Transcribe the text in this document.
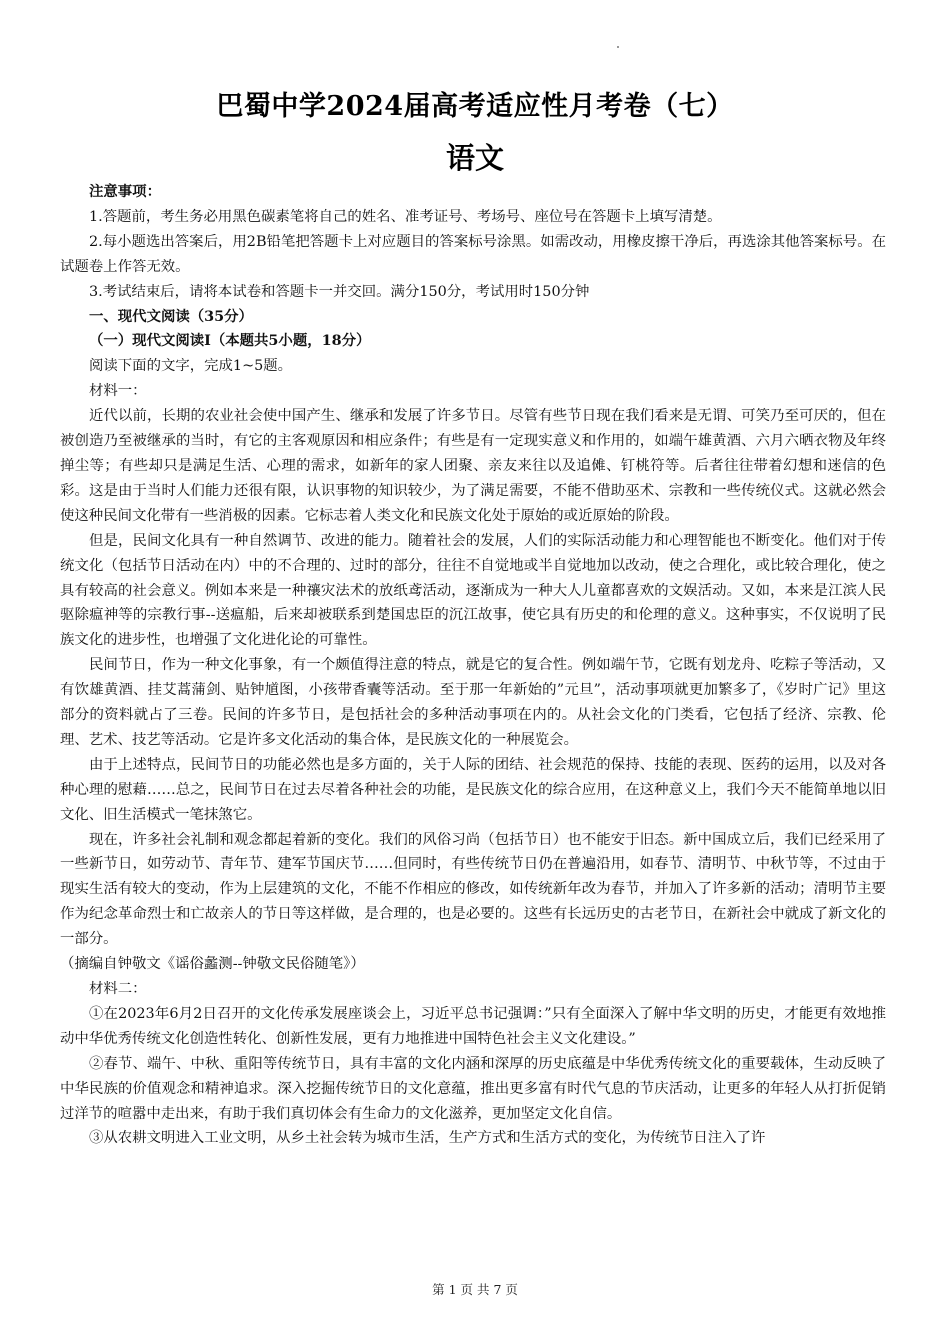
巴蜀中学2024届高考适应性月考卷（七）
语文

注意事项：

1.答题前，考生务必用黑色碳素笔将自己的姓名、准考证号、考场号、座位号在答题卡上填写清楚。

2.每小题选出答案后，用2B铅笔把答题卡上对应题目的答案标号涂黑。如需改动，用橡皮擦干净后，再选涂其他答案标号。在试题卷上作答无效。

3.考试结束后，请将本试卷和答题卡一并交回。满分150分，考试用时150分钟

一、现代文阅读（35分）

（一）现代文阅读Ⅰ（本题共5小题，18分）

阅读下面的文字，完成1~5题。

材料一：

近代以前，长期的农业社会使中国产生、继承和发展了许多节日。尽管有些节日现在我们看来是无谓、可笑乃至可厌的，但在被创造乃至被继承的当时，有它的主客观原因和相应条件；有些是有一定现实意义和作用的，如端午雄黄酒、六月六晒衣物及年终掸尘等；有些却只是满足生活、心理的需求，如新年的家人团聚、亲友来往以及追傩、钉桃符等。后者往往带着幻想和迷信的色彩。这是由于当时人们能力还很有限，认识事物的知识较少，为了满足需要，不能不借助巫术、宗教和一些传统仪式。这就必然会使这种民间文化带有一些消极的因素。它标志着人类文化和民族文化处于原始的或近原始的阶段。

但是，民间文化具有一种自然调节、改进的能力。随着社会的发展，人们的实际活动能力和心理智能也不断变化。他们对于传统文化（包括节日活动在内）中的不合理的、过时的部分，往往不自觉地或半自觉地加以改动，使之合理化，或比较合理化，使之具有较高的社会意义。例如本来是一种禳灾法术的放纸鸢活动，逐渐成为一种大人儿童都喜欢的文娱活动。又如，本来是江滨人民驱除瘟神等的宗教行事--送瘟船，后来却被联系到楚国忠臣的沉江故事，使它具有历史的和伦理的意义。这种事实，不仅说明了民族文化的进步性，也增强了文化进化论的可靠性。

民间节日，作为一种文化事象，有一个颇值得注意的特点，就是它的复合性。例如端午节，它既有划龙舟、吃粽子等活动，又有饮雄黄酒、挂艾蒿蒲剑、贴钟馗图，小孩带香囊等活动。至于那一年新始的”元旦”，活动事项就更加繁多了，《岁时广记》里这部分的资料就占了三卷。民间的许多节日，是包括社会的多种活动事项在内的。从社会文化的门类看，它包括了经济、宗教、伦理、艺术、技艺等活动。它是许多文化活动的集合体，是民族文化的一种展览会。

由于上述特点，民间节日的功能必然也是多方面的，关于人际的团结、社会规范的保持、技能的表现、医药的运用，以及对各种心理的慰藉……总之，民间节日在过去尽着各种社会的功能，是民族文化的综合应用，在这种意义上，我们今天不能简单地以旧文化、旧生活模式一笔抹煞它。

现在，许多社会礼制和观念都起着新的变化。我们的风俗习尚（包括节日）也不能安于旧态。新中国成立后，我们已经采用了一些新节日，如劳动节、青年节、建军节国庆节……但同时，有些传统节日仍在普遍沿用，如春节、清明节、中秋节等，不过由于现实生活有较大的变动，作为上层建筑的文化，不能不作相应的修改，如传统新年改为春节，并加入了许多新的活动；清明节主要作为纪念革命烈士和亡故亲人的节日等这样做，是合理的，也是必要的。这些有长远历史的古老节日，在新社会中就成了新文化的一部分。

（摘编自钟敬文《谣俗蠡测--钟敬文民俗随笔》）

材料二：

①在2023年6月2日召开的文化传承发展座谈会上，习近平总书记强调：”只有全面深入了解中华文明的历史，才能更有效地推动中华优秀传统文化创造性转化、创新性发展，更有力地推进中国特色社会主义文化建设。”

②春节、端午、中秋、重阳等传统节日，具有丰富的文化内涵和深厚的历史底蕴是中华优秀传统文化的重要载体，生动反映了中华民族的价值观念和精神追求。深入挖掘传统节日的文化意蕴，推出更多富有时代气息的节庆活动，让更多的年轻人从打折促销过洋节的喧嚣中走出来，有助于我们真切体会有生命力的文化滋养，更加坚定文化自信。

③从农耕文明进入工业文明，从乡土社会转为城市生活，生产方式和生活方式的变化，为传统节日注入了许

第 1 页 共 7 页
